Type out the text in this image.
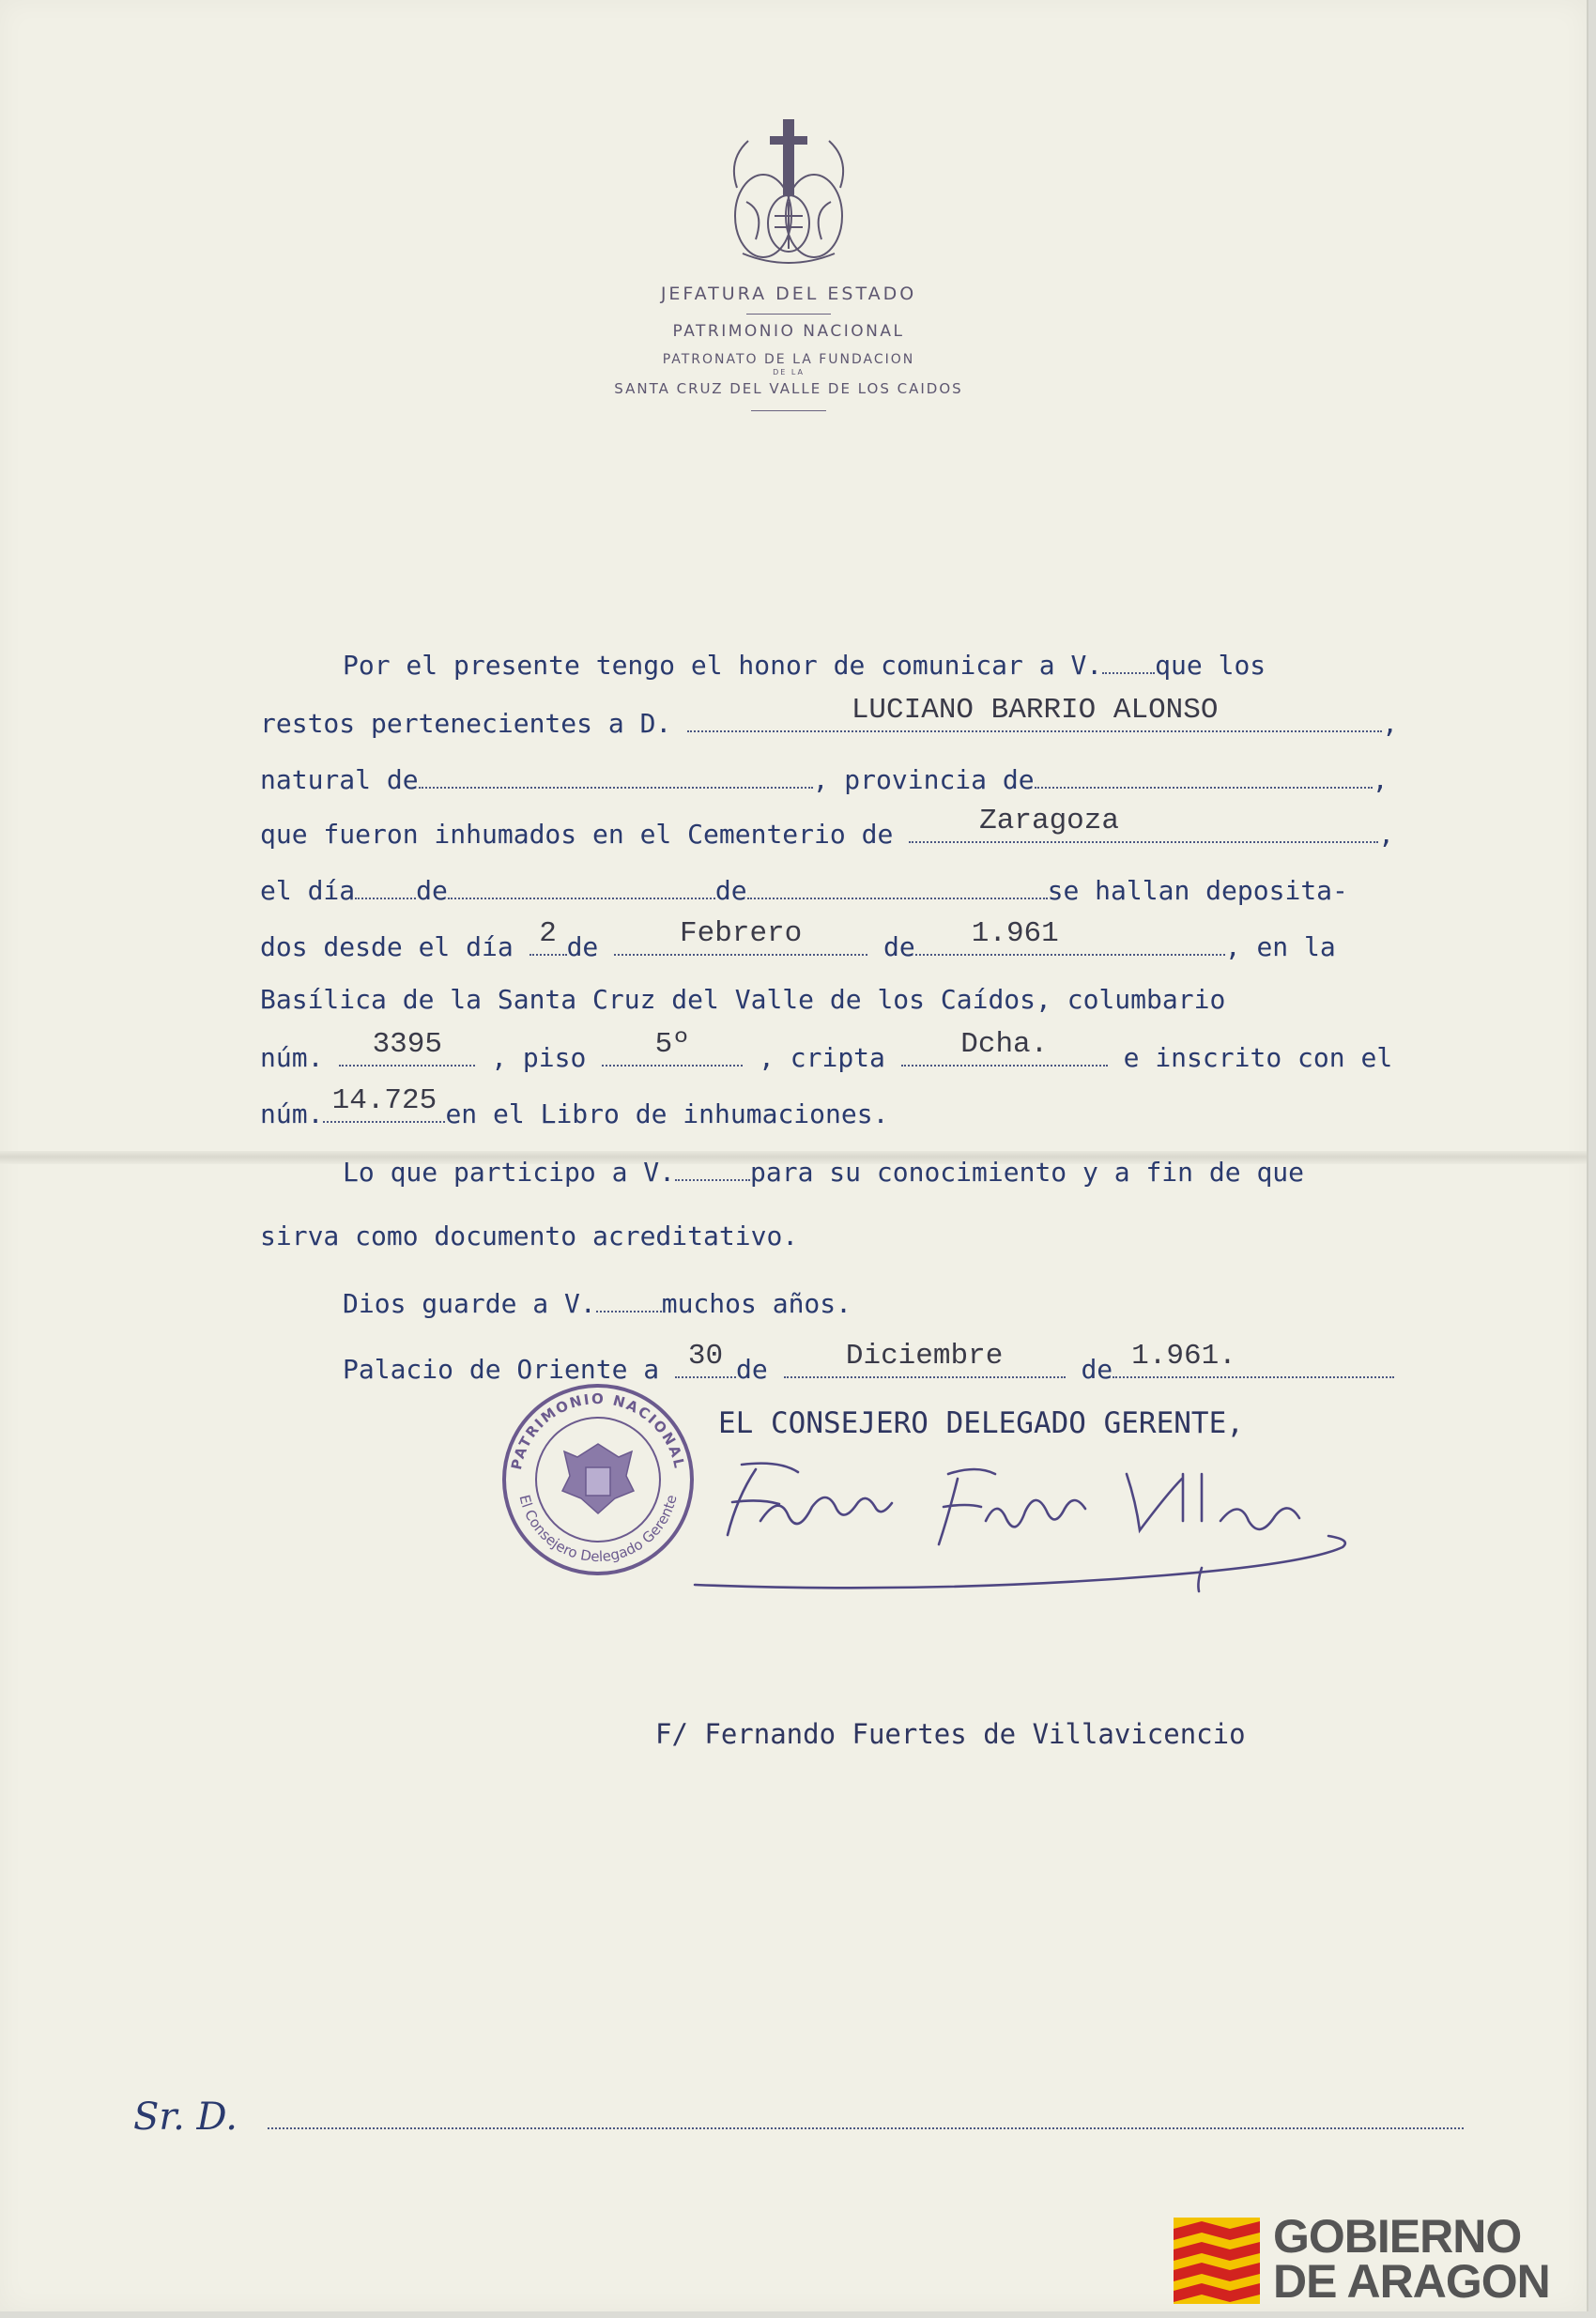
JEFATURA DEL ESTADO
PATRIMONIO NACIONAL
PATRONATO DE LA FUNDACION
DE LA
SANTA CRUZ DEL VALLE DE LOS CAIDOS
Por el presente tengo el honor de comunicar a V. que los
restos pertenecientes a D.	LUCIANO BARRIO ALONSO	,
natural de	, provincia de	,
que fueron inhumados en el Cementerio de	Zaragoza	,
el día de	de	se hallan deposita-
dos desde el día 2 de	Febrero	de	1.961	, en la
Basílica de la Santa Cruz del Valle de los Caídos, columbario
núm.	3395	, piso	5º	, cripta	Dcha.	e inscrito con el
núm. 14.725 en el Libro de inhumaciones.
Lo que participo a V.	para su conocimiento y a fin de que
sirva como documento acreditativo.
Dios guarde a V.	muchos años.
Palacio de Oriente a 30 de	Diciembre	de 1.961.
EL CONSEJERO DELEGADO GERENTE,
PATRIMONIO NACIONAL
El Consejero Delegado Gerente
F/ Fernando Fuertes de Villavicencio
Sr. D.
GOBIERNO
DE ARAGON
